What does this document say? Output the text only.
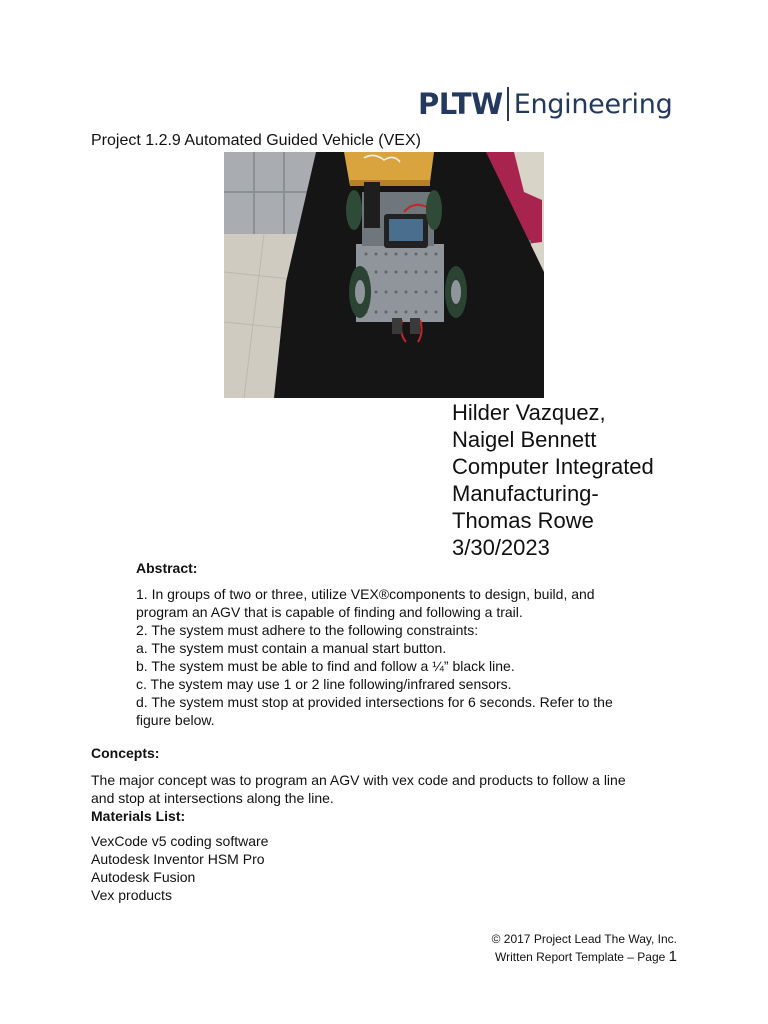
PLTW Engineering
Project 1.2.9 Automated Guided Vehicle (VEX)
Hilder Vazquez,
Naigel Bennett
Computer Integrated
Manufacturing-
Thomas Rowe
3/30/2023
Abstract:
1. In groups of two or three, utilize VEX®components to design, build, and
program an AGV that is capable of finding and following a trail.
2. The system must adhere to the following constraints:
a. The system must contain a manual start button.
b. The system must be able to find and follow a ¼” black line.
c. The system may use 1 or 2 line following/infrared sensors.
d. The system must stop at provided intersections for 6 seconds. Refer to the
figure below.
Concepts:
The major concept was to program an AGV with vex code and products to follow a line
and stop at intersections along the line.
Materials List:
VexCode v5 coding software
Autodesk Inventor HSM Pro
Autodesk Fusion
Vex products
© 2017 Project Lead The Way, Inc.
Written Report Template – Page 1
